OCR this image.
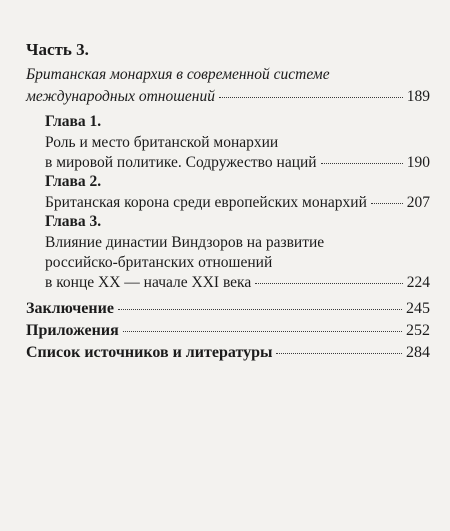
Часть 3.
Британская монархия в современной системе
международных отношений	189
Глава 1.
Роль и место британской монархии
в мировой политике. Содружество наций	190
Глава 2.
Британская корона среди европейских монархий	207
Глава 3.
Влияние династии Виндзоров на развитие
российско-британских отношений
в конце XX — начале XXI века	224
Заключение	245
Приложения	252
Список источников и литературы	284
